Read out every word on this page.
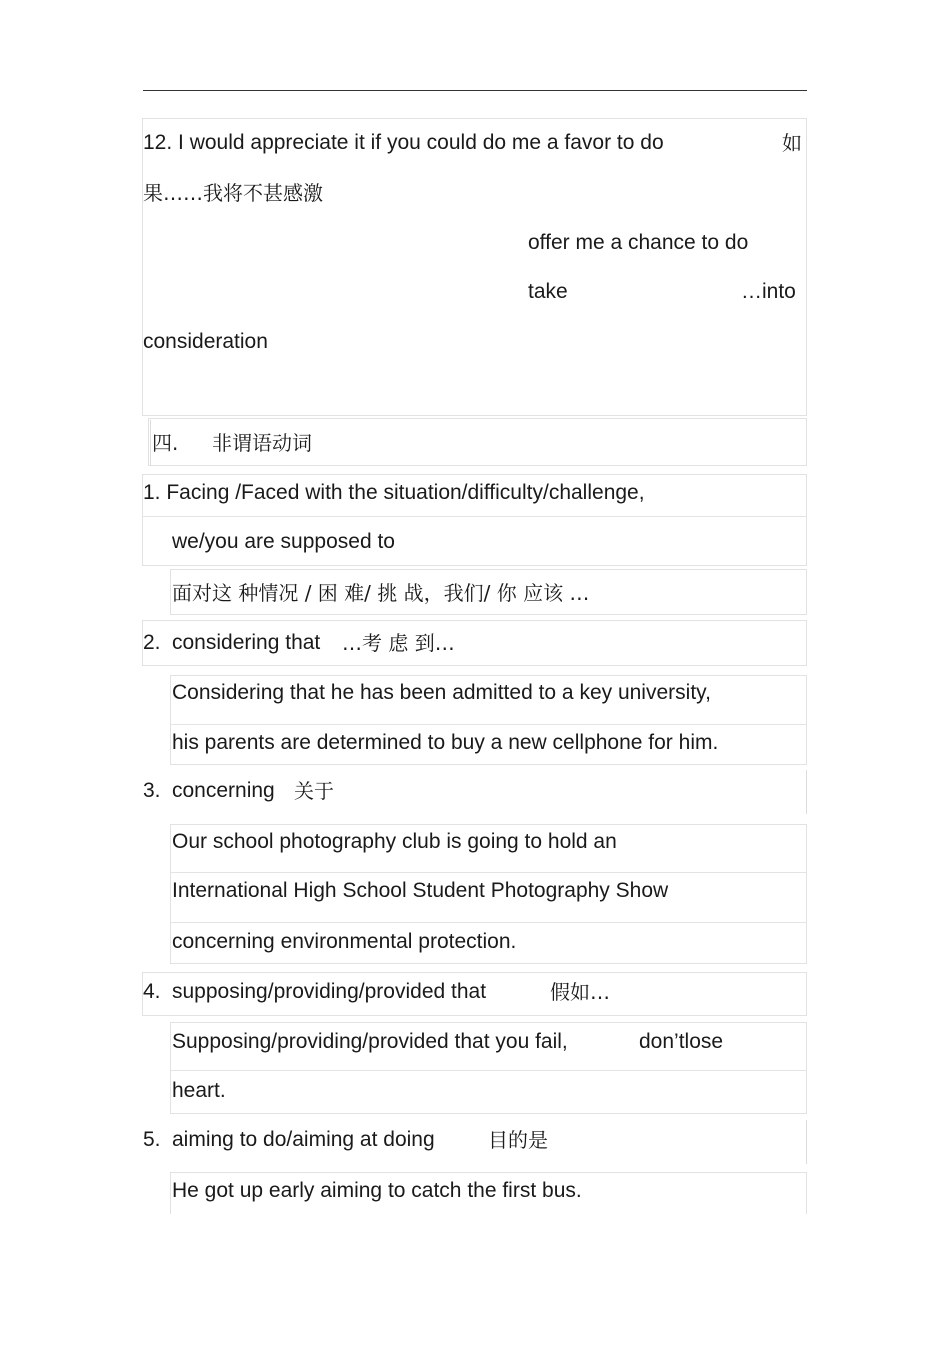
12. I would appreciate it if you could do me a favor to do	如
果……我将不甚感激
offer me a chance to do
take	…into
consideration
四. 非谓语动词
1. Facing /Faced with the situation/difficulty/challenge,
we/you are supposed to
面对这 种情况 / 困 难/ 挑 战，我们/ 你 应该 …
2. considering that …考 虑 到…
Considering that he has been admitted to a key university,
his parents are determined to buy a new cellphone for him.
3. concerning 关于
Our school photography club is going to hold an
International High School Student Photography Show
concerning environmental protection.
4. supposing/providing/provided that	假如…
Supposing/providing/provided that you fail,	don’tlose
heart.
5. aiming to do/aiming at doing	目的是
He got up early aiming to catch the first bus.
